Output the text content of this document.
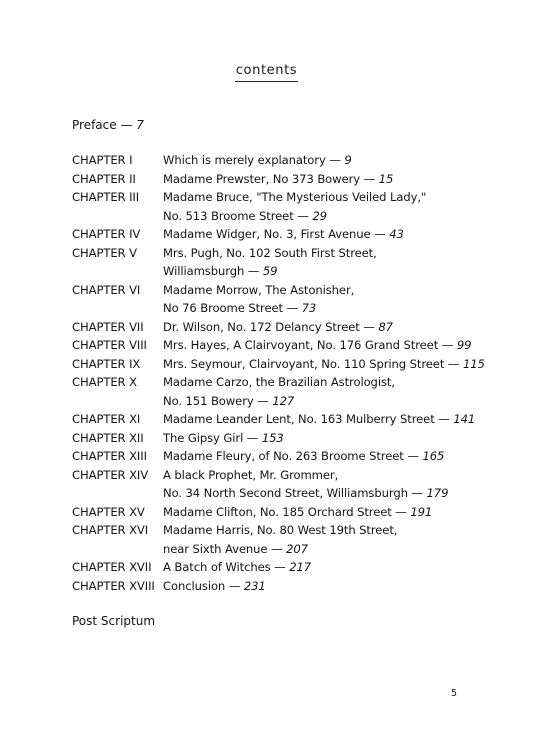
contents
Preface — 7
CHAPTER I	Which is merely explanatory — 9
CHAPTER II	Madame Prewster, No 373 Bowery — 15
CHAPTER III	Madame Bruce, "The Mysterious Veiled Lady,"
No. 513 Broome Street — 29
CHAPTER IV	Madame Widger, No. 3, First Avenue — 43
CHAPTER V	Mrs. Pugh, No. 102 South First Street,
Williamsburgh — 59
CHAPTER VI	Madame Morrow, The Astonisher,
No 76 Broome Street — 73
CHAPTER VII	Dr. Wilson, No. 172 Delancy Street — 87
CHAPTER VIII	Mrs. Hayes, A Clairvoyant, No. 176 Grand Street — 99
CHAPTER IX	Mrs. Seymour, Clairvoyant, No. 110 Spring Street — 115
CHAPTER X	Madame Carzo, the Brazilian Astrologist,
No. 151 Bowery — 127
CHAPTER XI	Madame Leander Lent, No. 163 Mulberry Street — 141
CHAPTER XII	The Gipsy Girl — 153
CHAPTER XIII	Madame Fleury, of No. 263 Broome Street — 165
CHAPTER XIV	A black Prophet, Mr. Grommer,
No. 34 North Second Street, Williamsburgh — 179
CHAPTER XV	Madame Clifton, No. 185 Orchard Street — 191
CHAPTER XVI	Madame Harris, No. 80 West 19th Street,
near Sixth Avenue — 207
CHAPTER XVII A Batch of Witches — 217
CHAPTER XVIII Conclusion — 231
Post Scriptum
5
